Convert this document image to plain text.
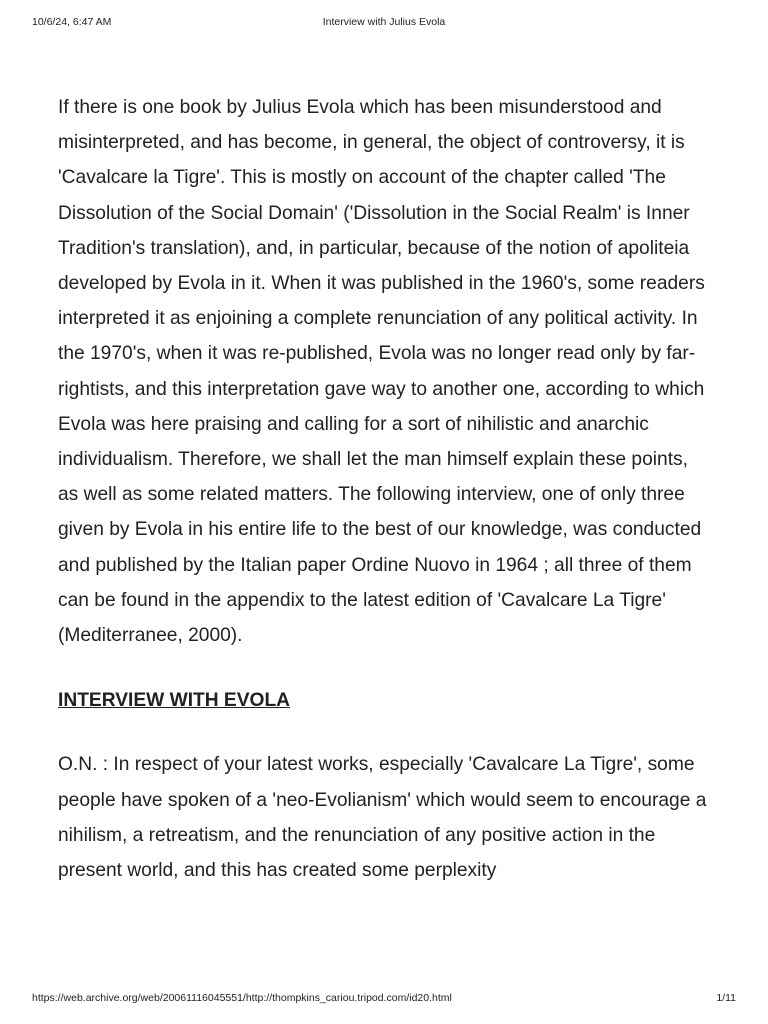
10/6/24, 6:47 AM	Interview with Julius Evola

If there is one book by Julius Evola which has been misunderstood and misinterpreted, and has become, in general, the object of controversy, it is 'Cavalcare la Tigre'. This is mostly on account of the chapter called 'The Dissolution of the Social Domain' ('Dissolution in the Social Realm' is Inner Tradition's translation), and, in particular, because of the notion of apoliteia developed by Evola in it. When it was published in the 1960's, some readers interpreted it as enjoining a complete renunciation of any political activity. In the 1970's, when it was re-published, Evola was no longer read only by far-rightists, and this interpretation gave way to another one, according to which Evola was here praising and calling for a sort of nihilistic and anarchic individualism. Therefore, we shall let the man himself explain these points, as well as some related matters. The following interview, one of only three given by Evola in his entire life to the best of our knowledge, was conducted and published by the Italian paper Ordine Nuovo in 1964 ; all three of them can be found in the appendix to the latest edition of 'Cavalcare La Tigre' (Mediterranee, 2000).

INTERVIEW WITH EVOLA

O.N. : In respect of your latest works, especially 'Cavalcare La Tigre', some people have spoken of a 'neo-Evolianism' which would seem to encourage a nihilism, a retreatism, and the renunciation of any positive action in the present world, and this has created some perplexity

https://web.archive.org/web/20061116045551/http://thompkins_cariou.tripod.com/id20.html	1/11
